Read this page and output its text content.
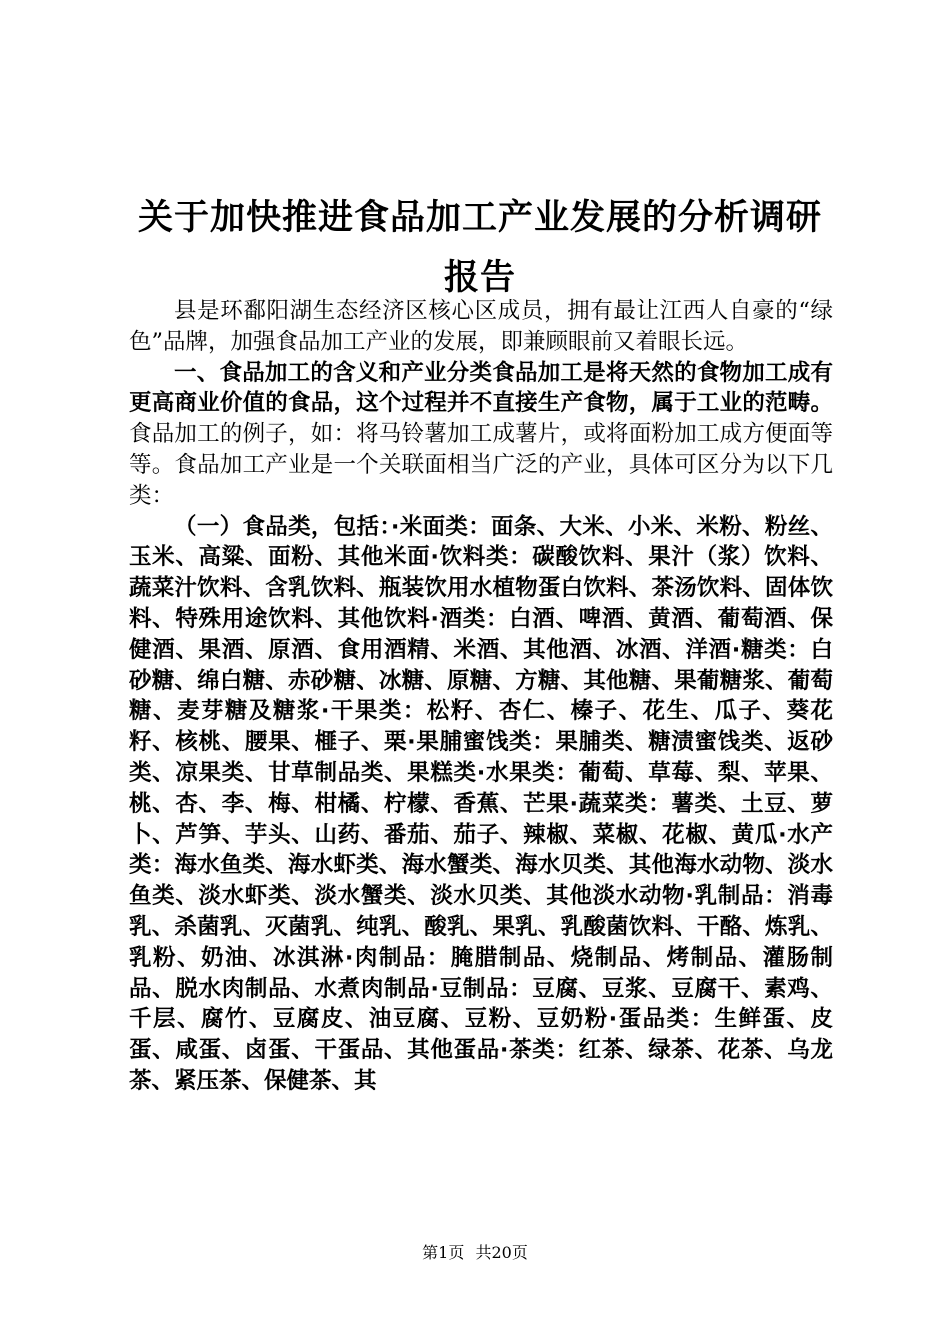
关于加快推进食品加工产业发展的分析调研报告

县是环鄱阳湖生态经济区核心区成员，拥有最让江西人自豪的“绿色”品牌，加强食品加工产业的发展，即兼顾眼前又着眼长远。

一、食品加工的含义和产业分类食品加工是将天然的食物加工成有更高商业价值的食品，这个过程并不直接生产食物，属于工业的范畴。食品加工的例子，如：将马铃薯加工成薯片，或将面粉加工成方便面等等。食品加工产业是一个关联面相当广泛的产业，具体可区分为以下几类：

（一）食品类，包括：·米面类：面条、大米、小米、米粉、粉丝、玉米、高粱、面粉、其他米面·饮料类：碳酸饮料、果汁（浆）饮料、蔬菜汁饮料、含乳饮料、瓶装饮用水植物蛋白饮料、茶汤饮料、固体饮料、特殊用途饮料、其他饮料·酒类：白酒、啤酒、黄酒、葡萄酒、保健酒、果酒、原酒、食用酒精、米酒、其他酒、冰酒、洋酒·糖类：白砂糖、绵白糖、赤砂糖、冰糖、原糖、方糖、其他糖、果葡糖浆、葡萄糖、麦芽糖及糖浆·干果类：松籽、杏仁、榛子、花生、瓜子、葵花籽、核桃、腰果、榧子、栗·果脯蜜饯类：果脯类、糖渍蜜饯类、返砂类、凉果类、甘草制品类、果糕类·水果类：葡萄、草莓、梨、苹果、桃、杏、李、梅、柑橘、柠檬、香蕉、芒果·蔬菜类：薯类、土豆、萝卜、芦笋、芋头、山药、番茄、茄子、辣椒、菜椒、花椒、黄瓜·水产类：海水鱼类、海水虾类、海水蟹类、海水贝类、其他海水动物、淡水鱼类、淡水虾类、淡水蟹类、淡水贝类、其他淡水动物·乳制品：消毒乳、杀菌乳、灭菌乳、纯乳、酸乳、果乳、乳酸菌饮料、干酪、炼乳、乳粉、奶油、冰淇淋·肉制品：腌腊制品、烧制品、烤制品、灌肠制品、脱水肉制品、水煮肉制品·豆制品：豆腐、豆浆、豆腐干、素鸡、千层、腐竹、豆腐皮、油豆腐、豆粉、豆奶粉·蛋品类：生鲜蛋、皮蛋、咸蛋、卤蛋、干蛋品、其他蛋品·茶类：红茶、绿茶、花茶、乌龙茶、紧压茶、保健茶、其

第1页 共20页
